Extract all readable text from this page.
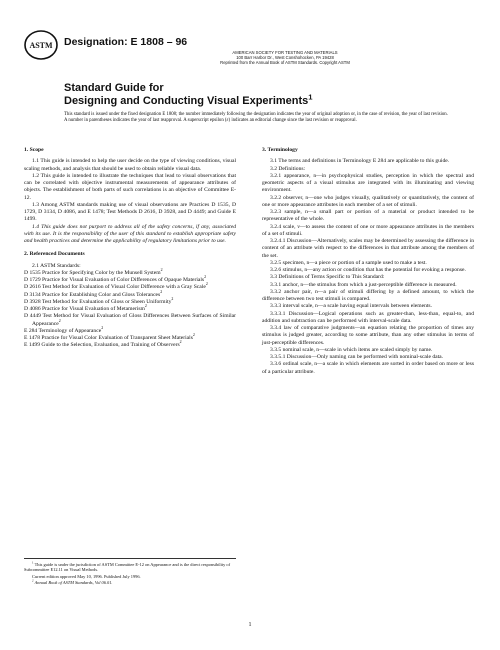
ASTM Designation: E 1808 – 96
AMERICAN SOCIETY FOR TESTING AND MATERIALS
100 Barr Harbor Dr., West Conshohocken, PA 19428
Reprinted from the Annual Book of ASTM Standards. Copyright ASTM
Standard Guide for
Designing and Conducting Visual Experiments$^1$
This standard is issued under the fixed designation E 1808; the number immediately following the designation indicates the year of original adoption or, in the case of revision, the year of last revision. A number in parentheses indicates the year of last reapproval. A superscript epsilon (ε) indicates an editorial change since the last revision or reapproval.

1. Scope

1.1 This guide is intended to help the user decide on the type of viewing conditions, visual scaling methods, and analysis that should be used to obtain reliable visual data.

1.2 This guide is intended to illustrate the techniques that lead to visual observations that can be correlated with objective instrumental measurements of appearance attributes of objects. The establishment of both parts of such correlations is an objective of Committee E-12.

1.3 Among ASTM standards making use of visual observations are Practices D 1535, D 1729, D 3134, D 4086, and E 1478; Test Methods D 2616, D 3928, and D 4449; and Guide E 1499.

1.4 This guide does not purport to address all of the safety concerns, if any, associated with its use. It is the responsibility of the user of this standard to establish appropriate safety and health practices and determine the applicability of regulatory limitations prior to use.

2. Referenced Documents

2.1 ASTM Standards:

D 1535 Practice for Specifying Color by the Munsell System$^2$

D 1729 Practice for Visual Evaluation of Color Differences of Opaque Materials$^2$

D 2616 Test Method for Evaluation of Visual Color Difference with a Gray Scale$^2$

D 3134 Practice for Establishing Color and Gloss Tolerances$^2$

D 3928 Test Method for Evaluation of Gloss or Sheen Uniformity$^2$

D 4086 Practice for Visual Evaluation of Metamerism$^2$

D 4449 Test Method for Visual Evaluation of Gloss Differences Between Surfaces of Similar Appearance$^2$

E 284 Terminology of Appearance$^2$

E 1478 Practice for Visual Color Evaluation of Transparent Sheet Materials$^2$

E 1499 Guide to the Selection, Evaluation, and Training of Observers$^2$

$^1$ This guide is under the jurisdiction of ASTM Committee E-12 on Appearance and is the direct responsibility of Subcommittee E12.11 on Visual Methods.

Current edition approved May 10, 1996. Published July 1996.

$^2$ Annual Book of ASTM Standards, Vol 06.01.

3. Terminology

3.1 The terms and definitions in Terminology E 284 are applicable to this guide.

3.2 Definitions:

3.2.1 appearance, n—in psychophysical studies, perception in which the spectral and geometric aspects of a visual stimulus are integrated with its illuminating and viewing environment.

3.2.2 observer, n—one who judges visually, qualitatively or quantitatively, the content of one or more appearance attributes in each member of a set of stimuli.

3.2.3 sample, n—a small part or portion of a material or product intended to be representative of the whole.

3.2.4 scale, v—to assess the content of one or more appearance attributes in the members of a set of stimuli.

3.2.4.1 Discussion—Alternatively, scales may be determined by assessing the difference in content of an attribute with respect to the differences in that attribute among the members of the set.

3.2.5 specimen, n—a piece or portion of a sample used to make a test.

3.2.6 stimulus, n—any action or condition that has the potential for evoking a response.

3.3 Definitions of Terms Specific to This Standard:

3.3.1 anchor, n—the stimulus from which a just-perceptible difference is measured.

3.3.2 anchor pair, n—a pair of stimuli differing by a defined amount, to which the difference between two test stimuli is compared.

3.3.3 interval scale, n—a scale having equal intervals between elements.

3.3.3.1 Discussion—Logical operations such as greater-than, less-than, equal-to, and addition and subtraction can be performed with interval-scale data.

3.3.4 law of comparative judgments—an equation relating the proportion of times any stimulus is judged greater, according to some attribute, than any other stimulus in terms of just-perceptible differences.

3.3.5 nominal scale, n—scale in which items are scaled simply by name.

3.3.5.1 Discussion—Only naming can be performed with nominal-scale data.

3.3.6 ordinal scale, n—a scale in which elements are sorted in order based on more or less of a particular attribute.

1
